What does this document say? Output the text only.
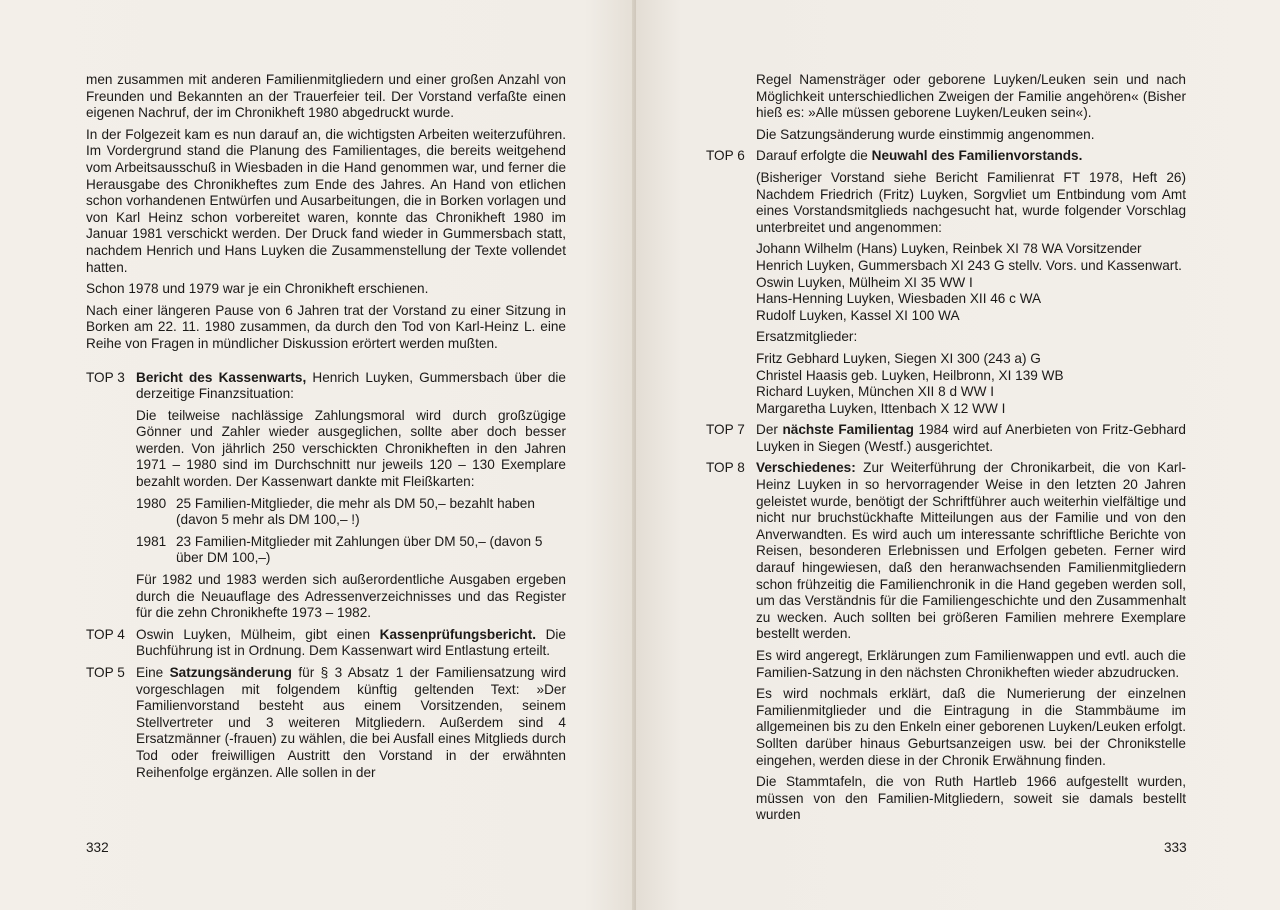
men zusammen mit anderen Familienmitgliedern und einer großen Anzahl von Freunden und Bekannten an der Trauerfeier teil. Der Vorstand verfaßte einen eigenen Nachruf, der im Chronikheft 1980 abgedruckt wurde.

In der Folgezeit kam es nun darauf an, die wichtigsten Arbeiten weiterzuführen. Im Vordergrund stand die Planung des Familientages, die bereits weitgehend vom Arbeitsausschuß in Wiesbaden in die Hand genommen war, und ferner die Herausgabe des Chronikheftes zum Ende des Jahres. An Hand von etlichen schon vorhandenen Entwürfen und Ausarbeitungen, die in Borken vorlagen und von Karl Heinz schon vorbereitet waren, konnte das Chronikheft 1980 im Januar 1981 verschickt werden. Der Druck fand wieder in Gummersbach statt, nachdem Henrich und Hans Luyken die Zusammenstellung der Texte vollendet hatten.

Schon 1978 und 1979 war je ein Chronikheft erschienen.

Nach einer längeren Pause von 6 Jahren trat der Vorstand zu einer Sitzung in Borken am 22. 11. 1980 zusammen, da durch den Tod von Karl-Heinz L. eine Reihe von Fragen in mündlicher Diskussion erörtert werden mußten.

TOP 3 Bericht des Kassenwarts, Henrich Luyken, Gummersbach über die derzeitige Finanzsituation:

Die teilweise nachlässige Zahlungsmoral wird durch großzügige Gönner und Zahler wieder ausgeglichen, sollte aber doch besser werden. Von jährlich 250 verschickten Chronikheften in den Jahren 1971 – 1980 sind im Durchschnitt nur jeweils 120 – 130 Exemplare bezahlt worden. Der Kassenwart dankte mit Fleißkarten:

1980 25 Familien-Mitglieder, die mehr als DM 50,– bezahlt haben (davon 5 mehr als DM 100,– !)
1981 23 Familien-Mitglieder mit Zahlungen über DM 50,– (davon 5 über DM 100,–)

Für 1982 und 1983 werden sich außerordentliche Ausgaben ergeben durch die Neuauflage des Adressenverzeichnisses und das Register für die zehn Chronikhefte 1973 – 1982.

TOP 4 Oswin Luyken, Mülheim, gibt einen Kassenprüfungsbericht. Die Buchführung ist in Ordnung. Dem Kassenwart wird Entlastung erteilt.
TOP 5 Eine Satzungsänderung für § 3 Absatz 1 der Familiensatzung wird vorgeschlagen mit folgendem künftig geltenden Text: »Der Familienvorstand besteht aus einem Vorsitzenden, seinem Stellvertreter und 3 weiteren Mitgliedern. Außerdem sind 4 Ersatzmänner (-frauen) zu wählen, die bei Ausfall eines Mitglieds durch Tod oder freiwilligen Austritt den Vorstand in der erwähnten Reihenfolge ergänzen. Alle sollen in der
332

Regel Namensträger oder geborene Luyken/Leuken sein und nach Möglichkeit unterschiedlichen Zweigen der Familie angehören« (Bisher hieß es: »Alle müssen geborene Luyken/Leuken sein«).

Die Satzungsänderung wurde einstimmig angenommen.

TOP 6 Darauf erfolgte die Neuwahl des Familienvorstands.

(Bisheriger Vorstand siehe Bericht Familienrat FT 1978, Heft 26) Nachdem Friedrich (Fritz) Luyken, Sorgvliet um Entbindung vom Amt eines Vorstandsmitglieds nachgesucht hat, wurde folgender Vorschlag unterbreitet und angenommen:

Johann Wilhelm (Hans) Luyken, Reinbek XI 78 WA Vorsitzender
Henrich Luyken, Gummersbach XI 243 G stellv. Vors. und Kassenwart.
Oswin Luyken, Mülheim XI 35 WW I
Hans-Henning Luyken, Wiesbaden XII 46 c WA
Rudolf Luyken, Kassel XI 100 WA

Ersatzmitglieder:

Fritz Gebhard Luyken, Siegen XI 300 (243 a) G
Christel Haasis geb. Luyken, Heilbronn, XI 139 WB
Richard Luyken, München XII 8 d WW I
Margaretha Luyken, Ittenbach X 12 WW I
TOP 7 Der nächste Familientag 1984 wird auf Anerbieten von Fritz-Gebhard Luyken in Siegen (Westf.) ausgerichtet.
TOP 8 Verschiedenes: Zur Weiterführung der Chronikarbeit, die von Karl-Heinz Luyken in so hervorragender Weise in den letzten 20 Jahren geleistet wurde, benötigt der Schriftführer auch weiterhin vielfältige und nicht nur bruchstückhafte Mitteilungen aus der Familie und von den Anverwandten. Es wird auch um interessante schriftliche Berichte von Reisen, besonderen Erlebnissen und Erfolgen gebeten. Ferner wird darauf hingewiesen, daß den heranwachsenden Familienmitgliedern schon frühzeitig die Familienchronik in die Hand gegeben werden soll, um das Verständnis für die Familiengeschichte und den Zusammenhalt zu wecken. Auch sollten bei größeren Familien mehrere Exemplare bestellt werden.

Es wird angeregt, Erklärungen zum Familienwappen und evtl. auch die Familien-Satzung in den nächsten Chronikheften wieder abzudrucken.

Es wird nochmals erklärt, daß die Numerierung der einzelnen Familienmitglieder und die Eintragung in die Stammbäume im allgemeinen bis zu den Enkeln einer geborenen Luyken/Leuken erfolgt. Sollten darüber hinaus Geburtsanzeigen usw. bei der Chronikstelle eingehen, werden diese in der Chronik Erwähnung finden.

Die Stammtafeln, die von Ruth Hartleb 1966 aufgestellt wurden, müssen von den Familien-Mitgliedern, soweit sie damals bestellt wurden

333
